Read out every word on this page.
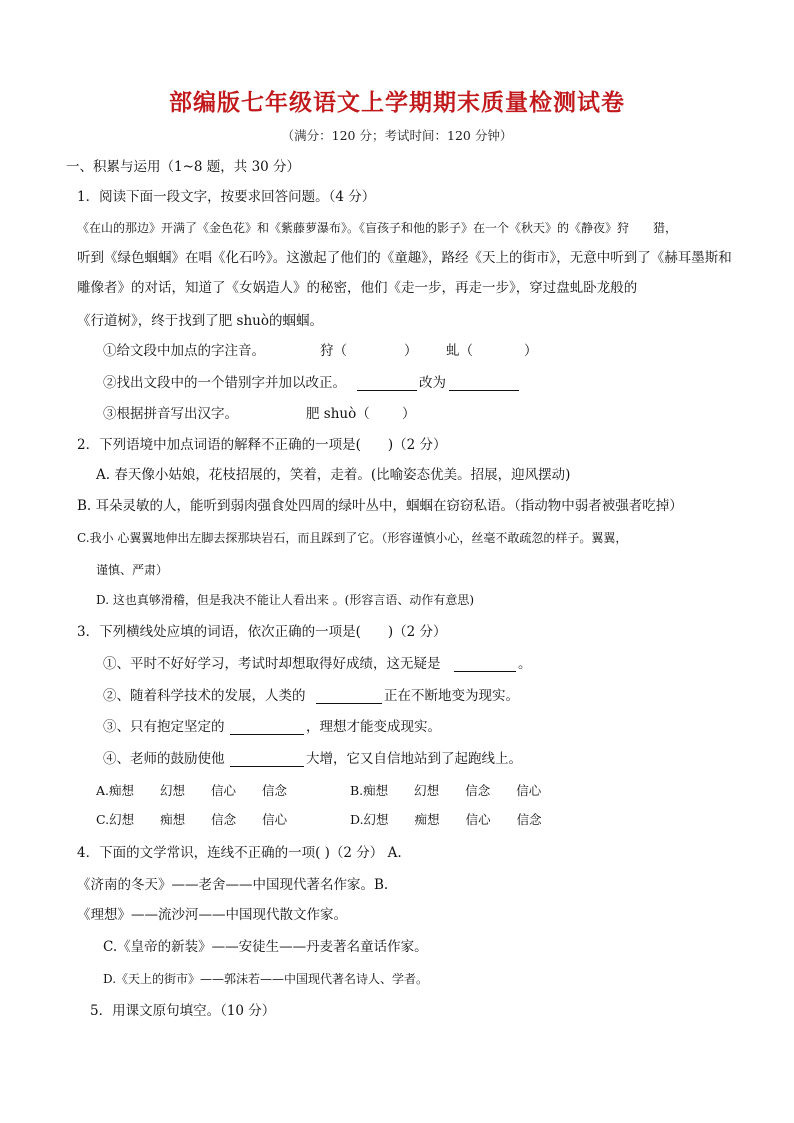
部编版七年级语文上学期期末质量检测试卷
（满分：120 分；考试时间：120 分钟）
一、积累与运用（1~8 题，共 30 分）
1．阅读下面一段文字，按要求回答问题。（4 分）
《在山的那边》开满了《金色花》和《紫藤萝瀑布》。《盲孩子和他的影子》在一个《秋天》的《静夜》狩　　猎，
听到《绿色蝈蝈》在唱《化石吟》。这激起了他们的《童趣》，路经《天上的街市》，无意中听到了《赫耳墨斯和
雕像者》的对话，知道了《女娲造人》的秘密，他们《走一步，再走一步》，穿过盘虬卧龙般的
《行道树》，终于找到了肥 shuò的蝈蝈。
①给文段中加点的字注音。	狩（	） 虬（	）
②找出文段中的一个错别字并加以改正。	改为
③根据拼音写出汉字。	肥 shuò（ ）
2．下列语境中加点词语的解释不正确的一项是(　　)（2 分）
A. 春天像小姑娘，花枝招展的，笑着，走着。(比喻姿态优美。招展，迎风摆动)
B. 耳朵灵敏的人，能听到弱肉强食处四周的绿叶丛中，蝈蝈在窃窃私语。（指动物中弱者被强者吃掉）
C.我小 心翼翼地伸出左脚去探那块岩石，而且踩到了它。（形容谨慎小心，丝毫不敢疏忽的样子。翼翼，
谨慎、严肃）
D. 这也真够滑稽，但是我决不能让人看出来 。(形容言语、动作有意思)
3．下列横线处应填的词语，依次正确的一项是(　　)（2 分）
①、平时不好好学习，考试时却想取得好成绩，这无疑是	。
②、随着科学技术的发展，人类的	正在不断地变为现实。
③、只有抱定坚定的	，理想才能变成现实。
④、老师的鼓励使他	大增，它又自信地站到了起跑线上。
A.痴想 幻想 信心 信念	B.痴想 幻想 信念 信心
C.幻想 痴想 信念 信心	D.幻想 痴想 信心 信念
4．下面的文学常识，连线不正确的一项( )（2 分） A.
《济南的冬天》——老舍——中国现代著名作家。B.
《理想》——流沙河——中国现代散文作家。
C.《皇帝的新装》——安徒生——丹麦著名童话作家。
D.《天上的街市》——郭沫若——中国现代著名诗人、学者。
5．用课文原句填空。（10 分）
